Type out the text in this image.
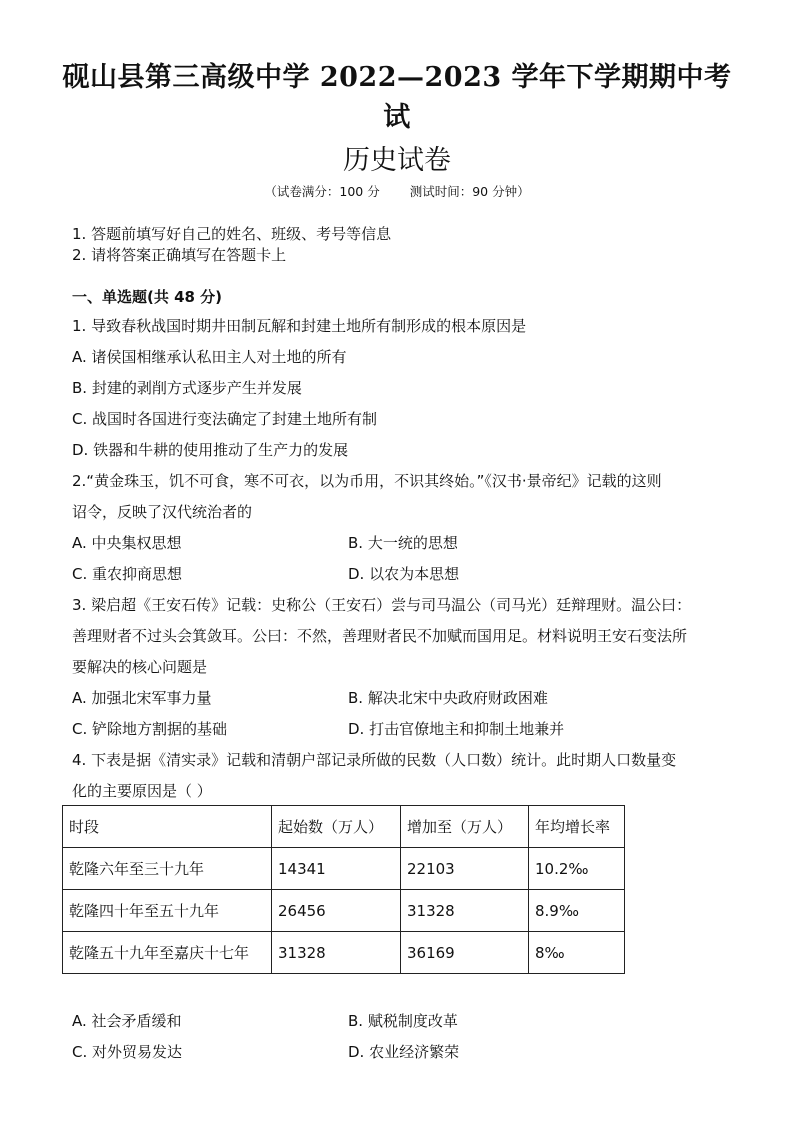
砚山县第三高级中学 2022—2023 学年下学期期中考
试
历史试卷
（试卷满分：100 分 测试时间：90 分钟）
1. 答题前填写好自己的姓名、班级、考号等信息
2. 请将答案正确填写在答题卡上
一、单选题(共 48 分)
1. 导致春秋战国时期井田制瓦解和封建土地所有制形成的根本原因是
A. 诸侯国相继承认私田主人对土地的所有
B. 封建的剥削方式逐步产生并发展
C. 战国时各国进行变法确定了封建土地所有制
D. 铁器和牛耕的使用推动了生产力的发展
2.“黄金珠玉，饥不可食，寒不可衣，以为币用，不识其终始。”《汉书·景帝纪》记载的这则
诏令，反映了汉代统治者的
A. 中央集权思想	B. 大一统的思想
C. 重农抑商思想	D. 以农为本思想
3. 梁启超《王安石传》记载：史称公（王安石）尝与司马温公（司马光）廷辩理财。温公曰：
善理财者不过头会箕敛耳。公曰：不然，善理财者民不加赋而国用足。材料说明王安石变法所
要解决的核心问题是
A. 加强北宋军事力量	B. 解决北宋中央政府财政困难
C. 铲除地方割据的基础	D. 打击官僚地主和抑制土地兼并
4. 下表是据《清实录》记载和清朝户部记录所做的民数（人口数）统计。此时期人口数量变
化的主要原因是（ ）
时段	起始数（万人）	增加至（万人）	年均增长率
乾隆六年至三十九年	14341	22103	10.2‰
乾隆四十年至五十九年	26456	31328	8.9‰
乾隆五十九年至嘉庆十七年	31328	36169	8‰
A. 社会矛盾缓和	B. 赋税制度改革
C. 对外贸易发达	D. 农业经济繁荣
